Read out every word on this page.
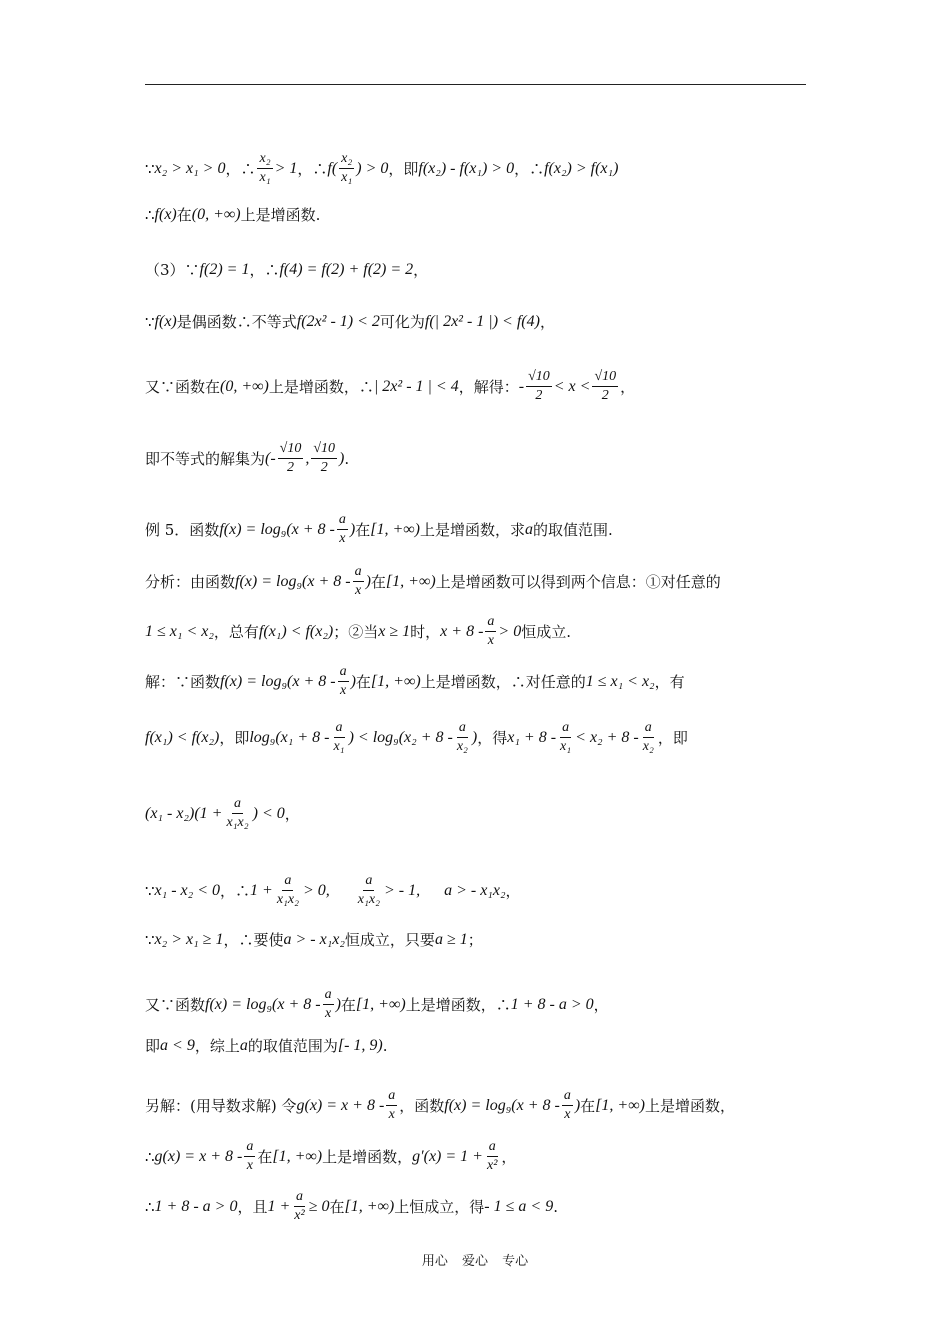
∵ x₂ > x₁ > 0 ，∴ $\frac{\text{x₂}}{\text{x₁}} > 1$ ，∴ $f( \frac{\text{x₂}}{\text{x₁}}$ ) > 0 ，即 f(x₂) - f(x₁) > 0 ，∴ f(x₂) > f(x₁)
∴ f(x) 在 (0, +∞) 上是增函数.
（3）∵ f(2) = 1 ，∴ f(4) = f(2) + f(2) = 2 ，
∵ f(x) 是偶函数∴不等式 f(2x² - 1) < 2 可化为 f(| 2x² - 1 |) < f(4) ，
又∵函数在 (0, +∞) 上是增函数，∴ | 2x² - 1 | < 4 ，解得： - $\frac{√10}{2} < x < \frac{√10}{2}$ ，
即不等式的解集为 (- $\frac{√10}{2}$ , $\frac{√10}{2}$ ) .
例 5．函数 $f(x) = \log_9(x + 8 - \frac{a}{x}$ ) 在 [1, +∞) 上是增函数，求 a 的取值范围.
分析：由函数 $f(x) = \log_9(x + 8 - \frac{a}{x}$ ) 在 [1, +∞) 上是增函数可以得到两个信息：①对任意的
1 ≤ x₁ < x₂ ，总有 f(x₁) < f(x₂) ；②当 x ≥ 1 时， $x + 8 - \frac{a}{x} > 0$ 恒成立.
解：∵函数 $f(x) = \log_9(x + 8 - \frac{a}{x}$ ) 在 [1, +∞) 上是增函数，∴对任意的 1 ≤ x₁ < x₂ ，有
f(x₁) < f(x₂) ，即 $\log_9(x_1 + 8 - \frac{a}{\text{x₁}}$ ) < $\log_9(x_2 + 8 - \frac{a}{\text{x₂}}$ ) ，得 $x_1 + 8 - \frac{a}{\text{x₁}} < x_2 + 8 - \frac{a}{\text{x₂}}$ ，即
$(x_1 - x_2)(1 + \frac{a}{\text{x₁x₂}}$ ) < 0 ，
∵ x₁ - x₂ < 0 ，∴ $1 + \frac{a}{\text{x₁x₂}} > 0$, $\frac{a}{\text{x₁x₂}}$ > - 1, a > - x₁x₂ ，
∵ x₂ > x₁ ≥ 1 ，∴要使 a > - x₁x₂ 恒成立，只要 a ≥ 1 ；
又∵函数 $f(x) = \log_9(x + 8 - \frac{a}{x}$ ) 在 [1, +∞) 上是增函数，∴ 1 + 8 - a > 0 ，
即 a < 9 ，综上 a 的取值范围为 [- 1, 9) .
另解：(用导数求解) 令 $g(x) = x + 8 - \frac{a}{x}$ ，函数 $f(x) = \log_9(x + 8 - \frac{a}{x}$ ) 在 [1, +∞) 上是增函数，
∴ $g(x) = x + 8 - \frac{a}{x}$ 在 [1, +∞) 上是增函数， $g'(x) = 1 + \frac{a}{\text{x²}}$ ，
∴ 1 + 8 - a > 0 ，且 $1 + \frac{a}{\text{x²}} \ge 0$ 在 [1, +∞) 上恒成立，得 - 1 ≤ a < 9 .
用心 爱心 专心
